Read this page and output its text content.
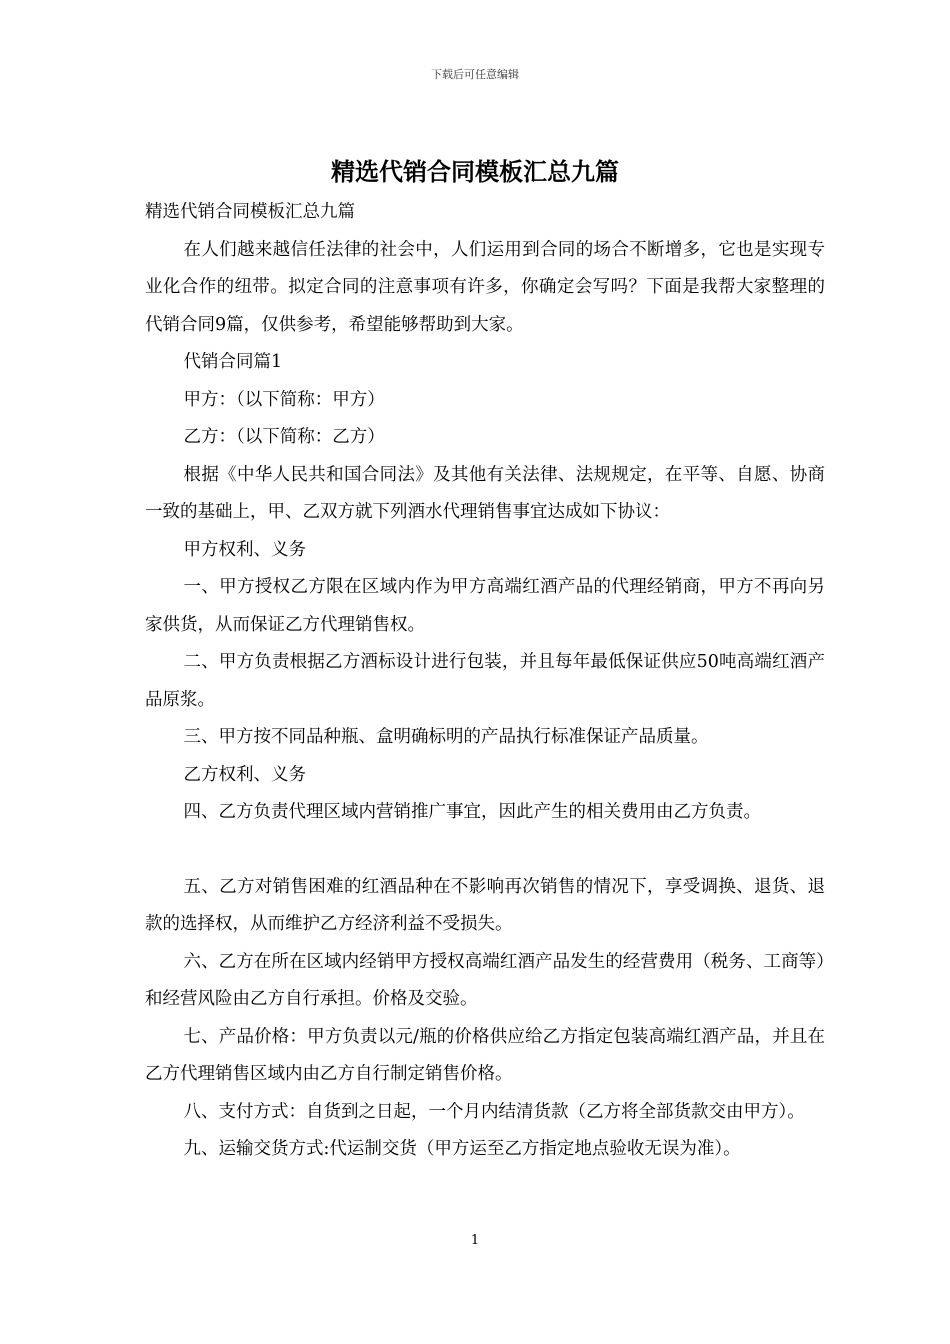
下载后可任意编辑
精选代销合同模板汇总九篇

精选代销合同模板汇总九篇

在人们越来越信任法律的社会中，人们运用到合同的场合不断增多，它也是实现专业化合作的纽带。拟定合同的注意事项有许多，你确定会写吗？下面是我帮大家整理的代销合同9篇，仅供参考，希望能够帮助到大家。

代销合同篇1

甲方：（以下简称：甲方）

乙方：（以下简称：乙方）

根据《中华人民共和国合同法》及其他有关法律、法规规定，在平等、自愿、协商一致的基础上，甲、乙双方就下列酒水代理销售事宜达成如下协议：

甲方权利、义务

一、甲方授权乙方限在区域内作为甲方高端红酒产品的代理经销商，甲方不再向另家供货，从而保证乙方代理销售权。

二、甲方负责根据乙方酒标设计进行包装，并且每年最低保证供应50吨高端红酒产品原浆。

三、甲方按不同品种瓶、盒明确标明的产品执行标准保证产品质量。

乙方权利、义务

四、乙方负责代理区域内营销推广事宜，因此产生的相关费用由乙方负责。

五、乙方对销售困难的红酒品种在不影响再次销售的情况下，享受调换、退货、退款的选择权，从而维护乙方经济利益不受损失。

六、乙方在所在区域内经销甲方授权高端红酒产品发生的经营费用（税务、工商等）和经营风险由乙方自行承担。价格及交验。

七、产品价格：甲方负责以元/瓶的价格供应给乙方指定包装高端红酒产品，并且在乙方代理销售区域内由乙方自行制定销售价格。

八、支付方式：自货到之日起，一个月内结清货款（乙方将全部货款交由甲方）。

九、运输交货方式:代运制交货（甲方运至乙方指定地点验收无误为准）。

1
